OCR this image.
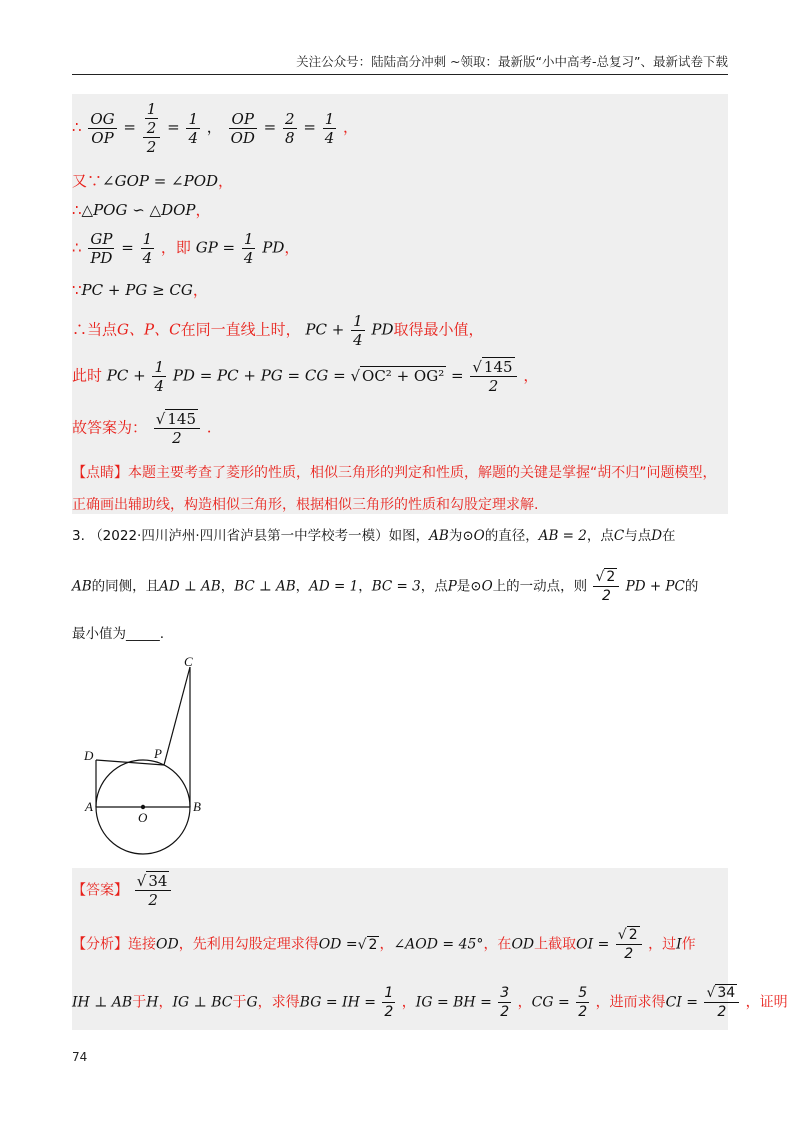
关注公众号：陆陆高分冲刺 ~领取：最新版“小中高考-总复习”、最新试卷下载
∴ $\frac{OG}{OP} = \frac{\frac{1}{2}}{2} = \frac{1}{4}$ ， $\frac{OP}{OD} = \frac{2}{8} = \frac{1}{4}$ ，
又∵∠GOP = ∠POD，
∴△POG ∽ △DOP，
∴ $\frac{GP}{PD} = \frac{1}{4}$ ，即 GP = $\frac{1}{4}$ PD，
∵PC + PG ≥ CG，
∴当点G、P、C在同一直线上时， PC + $\frac{1}{4}$ PD取得最小值，
此时 PC + $\frac{1}{4}$ PD = PC + PG = CG = √ $OC^2 + OG^2 = \frac{√ 145}{2}$ ，
故答案为： $\frac{√ 145}{2}$ .
【点睛】本题主要考查了菱形的性质，相似三角形的判定和性质，解题的关键是掌握“胡不归”问题模型，
正确画出辅助线，构造相似三角形，根据相似三角形的性质和勾股定理求解.
3. （2022·四川泸州·四川省泸县第一中学校考一模）如图，AB为⊙O的直径，AB = 2，点C与点D在
AB的同侧，且AD ⊥ AB，BC ⊥ AB，AD = 1，BC = 3，点P是⊙O上的一动点，则 $\frac{√ 2}{2}$ PD + PC的
最小值为_____.
C
D	P
A	B
O
【答案】 $\frac{√ 34}{2}$
【分析】连接OD，先利用勾股定理求得OD =√ 2 ，∠AOD = 45°，在OD上截取OI = $\frac{√ 2}{2}$ ，过I作
IH ⊥ AB于H，IG ⊥ BC于G，求得BG = IH = $\frac{1}{2}$ ，IG = BH = $\frac{3}{2}$ ，CG = $\frac{5}{2}$ ，进而求得CI = $\frac{√ 34}{2}$ ，证明
74
